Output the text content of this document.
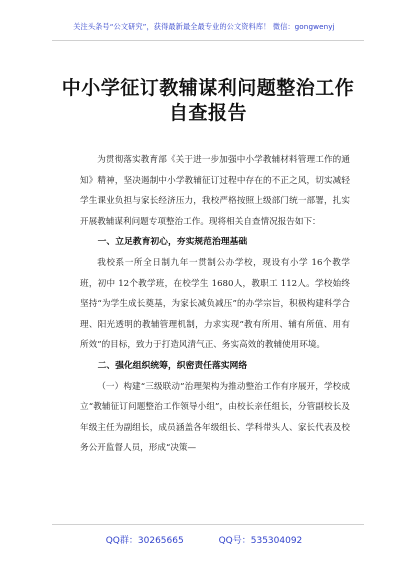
关注头条号“公文研究”，获得最新最全最专业的公文资料库！ 微信：gongwenyj
中小学征订教辅谋利问题整治工作自查报告

为贯彻落实教育部《关于进一步加强中小学教辅材料管理工作的通知》精神，坚决遏制中小学教辅征订过程中存在的不正之风，切实减轻学生课业负担与家长经济压力，我校严格按照上级部门统一部署，扎实开展教辅谋利问题专项整治工作。现将相关自查情况报告如下：

一、立足教育初心，夯实规范治理基础

我校系一所全日制九年一贯制公办学校，现设有小学 16个教学班，初中 12个教学班，在校学生 1680人，教职工 112人。学校始终坚持“为学生成长奠基，为家长减负减压”的办学宗旨，积极构建科学合理、阳光透明的教辅管理机制，力求实现“教有所用、辅有所值、用有所效”的目标，致力于打造风清气正、务实高效的教辅使用环境。

二、强化组织统筹，织密责任落实网络

（一）构建“三级联动”治理架构为推动整治工作有序展开，学校成立“教辅征订问题整治工作领导小组”，由校长亲任组长，分管副校长及年级主任为副组长，成员涵盖各年级组长、学科带头人、家长代表及校务公开监督人员，形成“决策—

QQ群：30265665	QQ号：535304092
